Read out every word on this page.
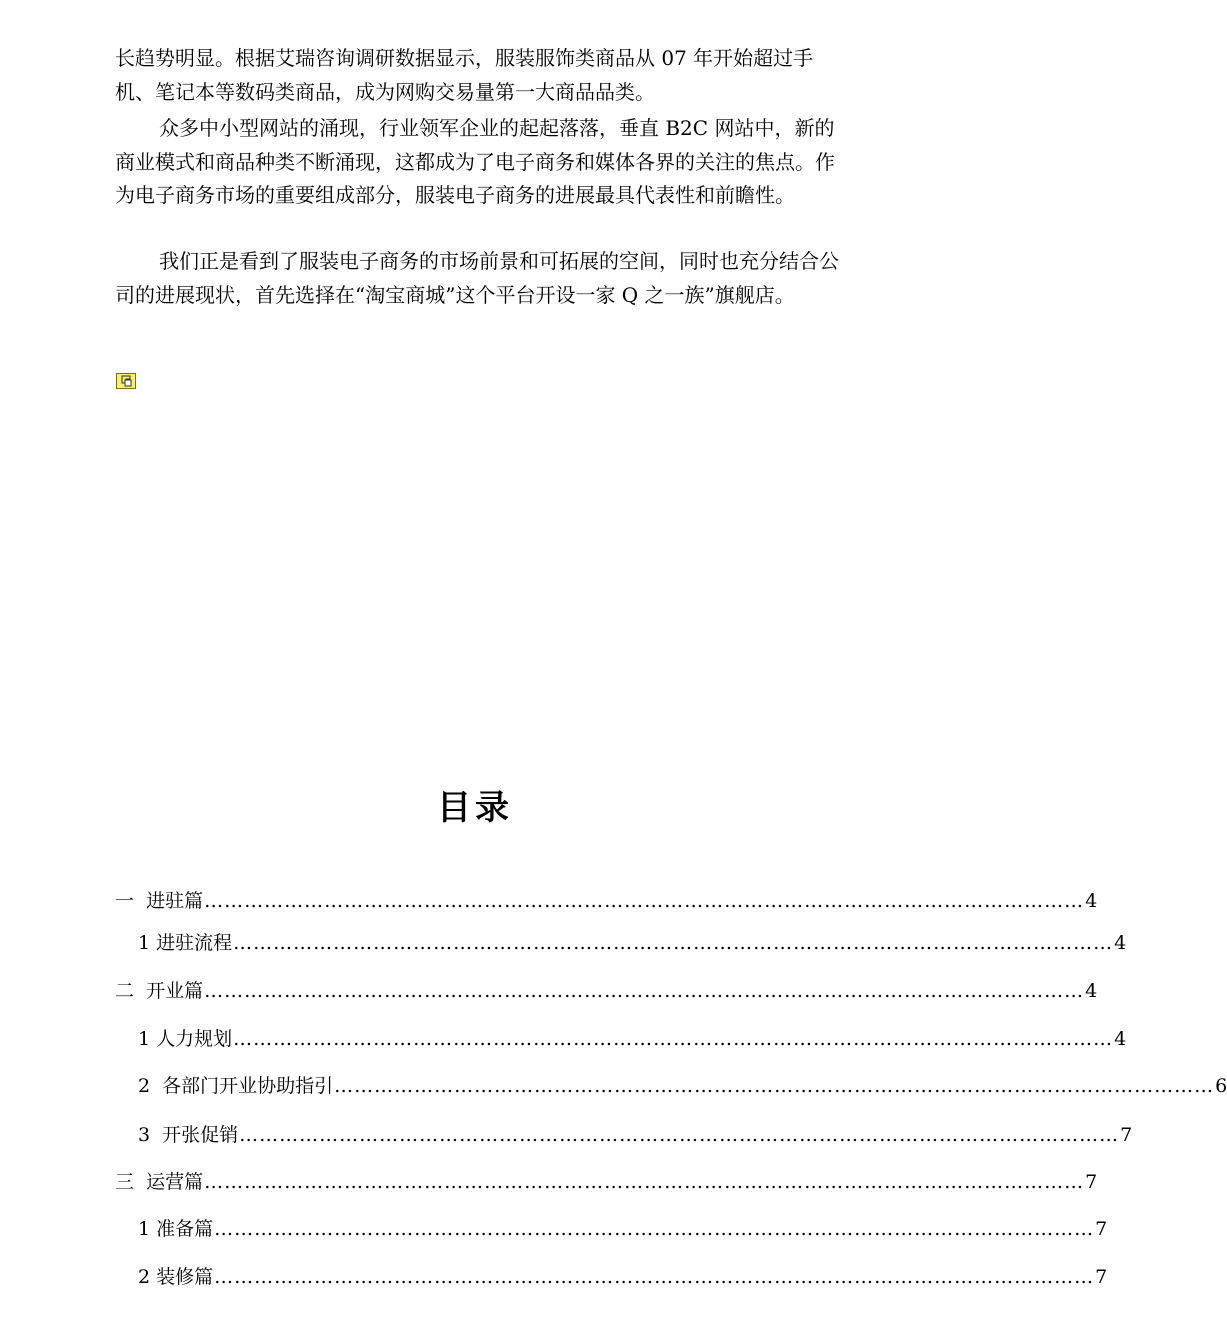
长趋势明显。根据艾瑞咨询调研数据显示，服装服饰类商品从 07 年开始超过手机、笔记本等数码类商品，成为网购交易量第一大商品品类。
众多中小型网站的涌现，行业领军企业的起起落落，垂直 B2C 网站中，新的商业模式和商品种类不断涌现，这都成为了电子商务和媒体各界的关注的焦点。作为电子商务市场的重要组成部分，服装电子商务的进展最具代表性和前瞻性。
我们正是看到了服装电子商务的市场前景和可拓展的空间，同时也充分结合公司的进展现状，首先选择在“淘宝商城”这个平台开设一家 Q 之一族”旗舰店。
目录
一  进驻篇 …………………………………………………………………………………………………………………… 4
1 进驻流程 …………………………………………………………………………………………………………………… 4
二  开业篇 …………………………………………………………………………………………………………………… 4
1 人力规划 …………………………………………………………………………………………………………………… 4
2  各部门开业协助指引 …………………………………………………………………………………………………………………… 6
3  开张促销 …………………………………………………………………………………………………………………… 7
三  运营篇 …………………………………………………………………………………………………………………… 7
1 准备篇 …………………………………………………………………………………………………………………… 7
2 装修篇 …………………………………………………………………………………………………………………… 7
